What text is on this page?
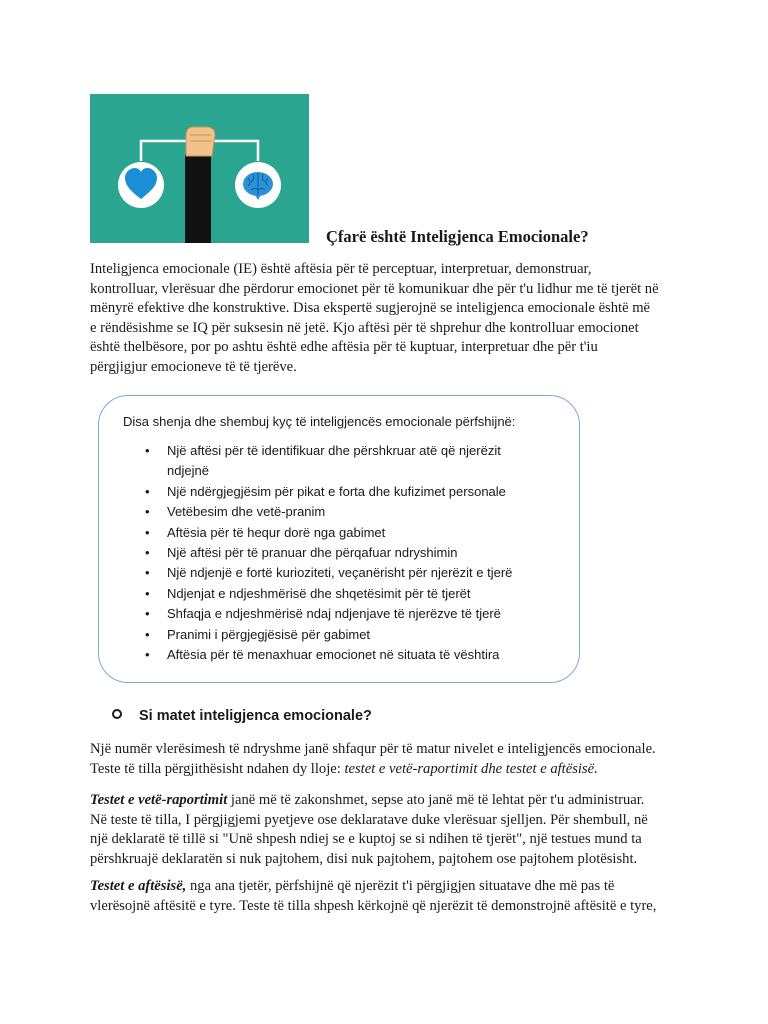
Çfarë është Inteligjenca Emocionale?

Inteligjenca emocionale (IE) është aftësia për të perceptuar, interpretuar, demonstruar,
kontrolluar, vlerësuar dhe përdorur emocionet për të komunikuar dhe për t'u lidhur me të tjerët në
mënyrë efektive dhe konstruktive. Disa ekspertë sugjerojnë se inteligjenca emocionale është më
e rëndësishme se IQ për suksesin në jetë. Kjo aftësi për të shprehur dhe kontrolluar emocionet
është thelbësore, por po ashtu është edhe aftësia për të kuptuar, interpretuar dhe për t'iu
përgjigjur emocioneve të të tjerëve.

Disa shenja dhe shembuj kyç të inteligjencës emocionale përfshijnë:

• Një aftësi për të identifikuar dhe përshkruar atë që njerëzit
ndjejnë
• Një ndërgjegjësim për pikat e forta dhe kufizimet personale
• Vetëbesim dhe vetë-pranim
• Aftësia për të hequr dorë nga gabimet
• Një aftësi për të pranuar dhe përqafuar ndryshimin
• Një ndjenjë e fortë kurioziteti, veçanërisht për njerëzit e tjerë
• Ndjenjat e ndjeshmërisë dhe shqetësimit për të tjerët
• Shfaqja e ndjeshmërisë ndaj ndjenjave të njerëzve të tjerë
• Pranimi i përgjegjësisë për gabimet
• Aftësia për të menaxhuar emocionet në situata të vështira
Si matet inteligjenca emocionale?

Një numër vlerësimesh të ndryshme janë shfaqur për të matur nivelet e inteligjencës emocionale.
Teste të tilla përgjithësisht ndahen dy lloje: testet e vetë-raportimit dhe testet e aftësisë.

Testet e vetë-raportimit janë më të zakonshmet, sepse ato janë më të lehtat për t'u administruar.
Në teste të tilla, I përgjigjemi pyetjeve ose deklaratave duke vlerësuar sjelljen. Për shembull, në
një deklaratë të tillë si "Unë shpesh ndiej se e kuptoj se si ndihen të tjerët", një testues mund ta
përshkruajë deklaratën si nuk pajtohem, disi nuk pajtohem, pajtohem ose pajtohem plotësisht.

Testet e aftësisë, nga ana tjetër, përfshijnë që njerëzit t'i përgjigjen situatave dhe më pas të
vlerësojnë aftësitë e tyre. Teste të tilla shpesh kërkojnë që njerëzit të demonstrojnë aftësitë e tyre,
